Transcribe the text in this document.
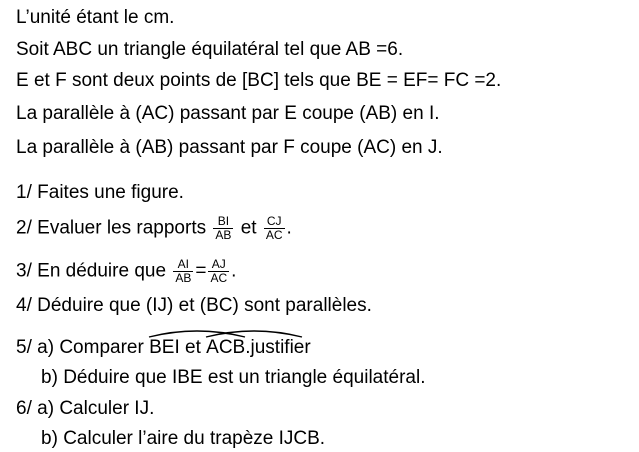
L’unité étant le cm.
Soit ABC un triangle équilatéral tel que AB =6.
E et F sont deux points de [BC] tels que BE = EF= FC =2.
La parallèle à (AC) passant par E coupe (AB) en I.
La parallèle à (AB) passant par F coupe (AC) en J.
1/ Faites une figure.
2/ Evaluer les rapports $\frac{BI}{AB}$ et $\frac{CJ}{AC}$ .
3/ En déduire que $\frac{AI}{AB} = \frac{AJ}{AC}$ .
4/ Déduire que (IJ) et (BC) sont parallèles.
5/ a) Comparer BEI et ACB.justifier
b) Déduire que IBE est un triangle équilatéral.
6/ a) Calculer IJ.
b) Calculer l’aire du trapèze IJCB.
